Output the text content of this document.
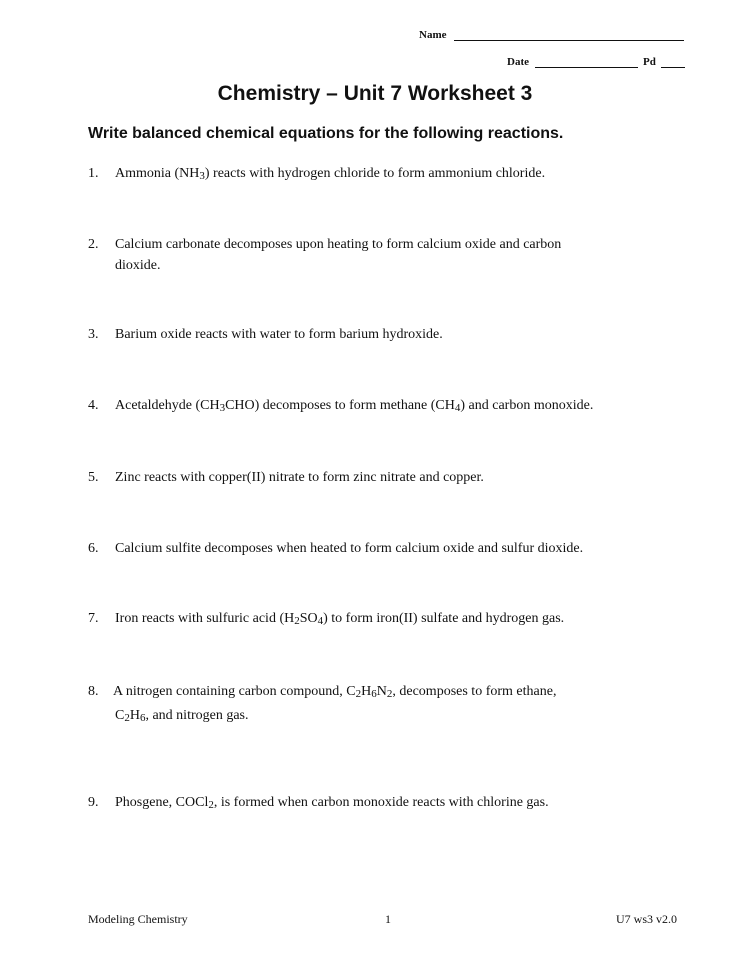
Name
Date	Pd
Chemistry – Unit 7 Worksheet 3
Write balanced chemical equations for the following reactions.
1. Ammonia (NH3) reacts with hydrogen chloride to form ammonium chloride.
2. Calcium carbonate decomposes upon heating to form calcium oxide and carbon
dioxide.
3. Barium oxide reacts with water to form barium hydroxide.
4. Acetaldehyde (CH3CHO) decomposes to form methane (CH4) and carbon monoxide.
5. Zinc reacts with copper(II) nitrate to form zinc nitrate and copper.
6. Calcium sulfite decomposes when heated to form calcium oxide and sulfur dioxide.
7. Iron reacts with sulfuric acid (H2SO4) to form iron(II) sulfate and hydrogen gas.
8. A nitrogen containing carbon compound, C2H6N2, decomposes to form ethane,
C2H6, and nitrogen gas.
9. Phosgene, COCl2, is formed when carbon monoxide reacts with chlorine gas.
Modeling Chemistry	1	U7 ws3 v2.0
